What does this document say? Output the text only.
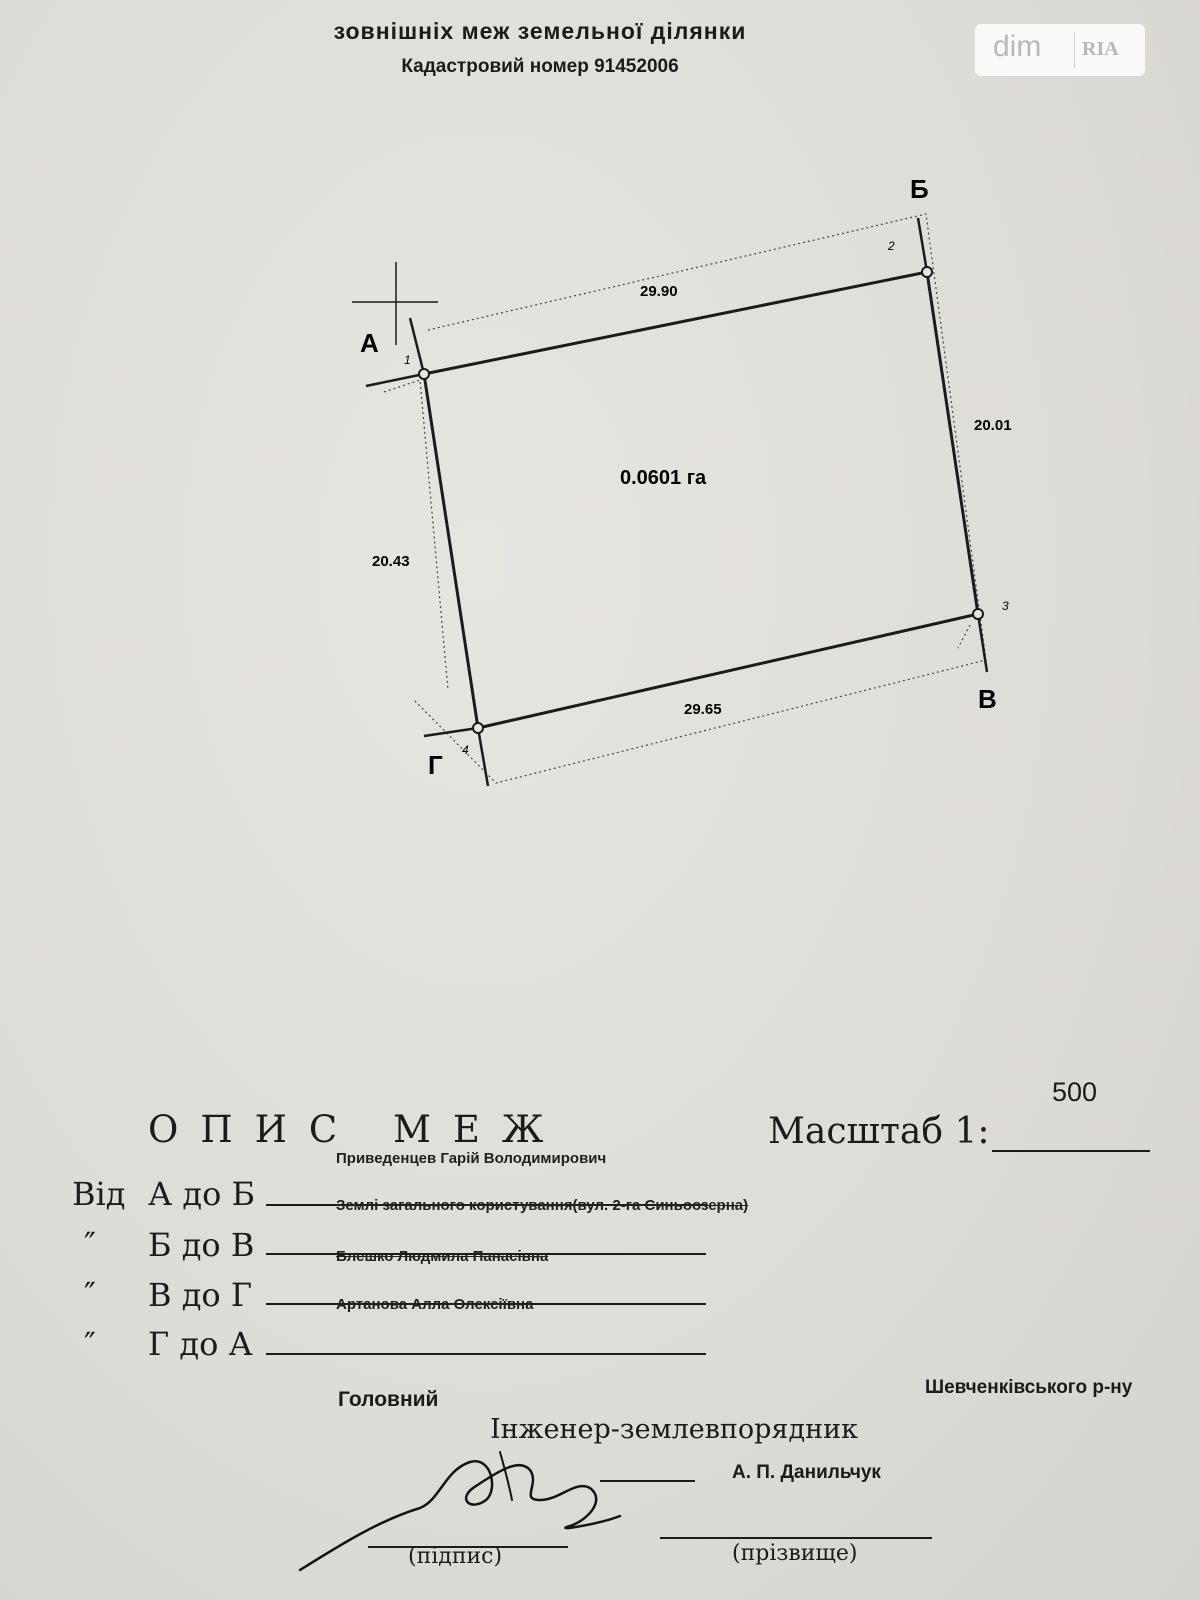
зовнішніх меж земельної ділянки
Кадастровий номер 91452006
dim RIA
А
Б
В
Г
1
2
3
4
29.90
20.01
29.65
20.43
0.0601 га
ОПИС МЕЖ	Масштаб 1:
500
Від А до Б
Приведенцев Гарій Володимирович
″ Б до В
Землі загального користування(вул. 2-га Синьоозерна)
″ В до Г
Блешко Людмила Панасівна
″ Г до А
Артанова Алла Олексіївна
Головний
Шевченківського р-ну
Інженер-землевпорядник
А. П. Данильчук
(підпис)	(прізвище)
